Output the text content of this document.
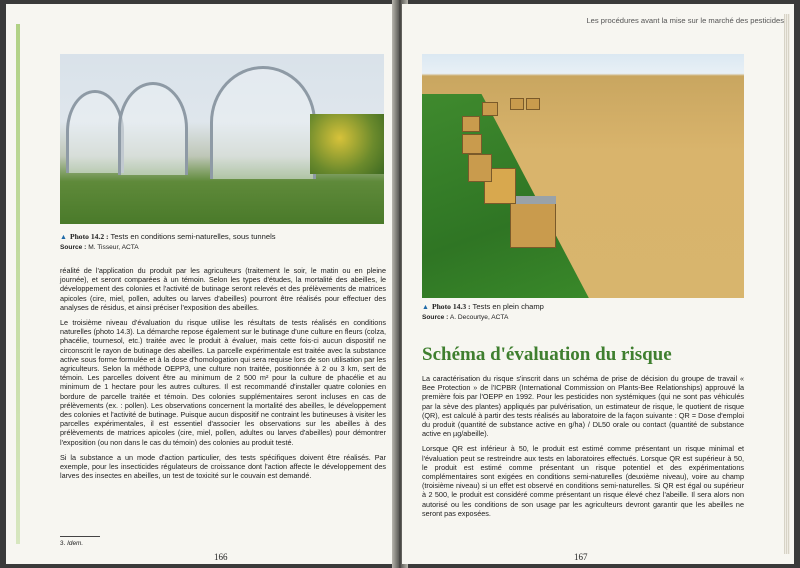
▲ Photo 14.2 : Tests en conditions semi-naturelles, sous tunnels
Source : M. Tisseur, ACTA

réalité de l'application du produit par les agriculteurs (traitement le soir, le matin ou en pleine journée), et seront comparées à un témoin. Selon les types d'études, la mortalité des abeilles, le développement des colonies et l'activité de butinage seront relevés et des prélèvements de matrices apicoles (cire, miel, pollen, adultes ou larves d'abeilles) pourront être réalisés pour effectuer des analyses de résidus, et ainsi préciser l'exposition des abeilles.

Le troisième niveau d'évaluation du risque utilise les résultats de tests réalisés en conditions naturelles (photo 14.3). La démarche repose également sur le butinage d'une culture en fleurs (colza, phacélie, tournesol, etc.) traitée avec le produit à évaluer, mais cette fois-ci aucun dispositif ne circonscrit le rayon de butinage des abeilles. La parcelle expérimentale est traitée avec la substance active sous forme formulée et à la dose d'homologation qui sera requise lors de son utilisation par les agriculteurs. Selon la méthode OEPP3, une culture non traitée, positionnée à 2 ou 3 km, sert de témoin. Les parcelles doivent être au minimum de 2 500 m² pour la culture de phacélie et au minimum de 1 hectare pour les autres cultures. Il est recommandé d'installer quatre colonies en bordure de parcelle traitée et témoin. Des colonies supplémentaires seront incluses en cas de prélèvements (ex. : pollen). Les observations concernent la mortalité des abeilles, le développement des colonies et l'activité de butinage. Puisque aucun dispositif ne contraint les butineuses à visiter les parcelles expérimentales, il est essentiel d'associer les observations sur les abeilles à des prélèvements de matrices apicoles (cire, miel, pollen, adultes ou larves d'abeilles) pour démontrer l'exposition (ou non dans le cas du témoin) des colonies au produit testé.

Si la substance a un mode d'action particulier, des tests spécifiques doivent être réalisés. Par exemple, pour les insecticides régulateurs de croissance dont l'action affecte le développement des larves des insectes en abeilles, un test de toxicité sur le couvain est demandé.

3. Idem.
166
Les procédures avant la mise sur le marché des pesticides
▲ Photo 14.3 : Tests en plein champ
Source : A. Decourtye, ACTA
Schéma d'évaluation du risque

La caractérisation du risque s'inscrit dans un schéma de prise de décision du groupe de travail « Bee Protection » de l'ICPBR (International Commission on Plants-Bee Relationships) approuvé la première fois par l'OEPP en 1992. Pour les pesticides non systémiques (qui ne sont pas véhiculés par la sève des plantes) appliqués par pulvérisation, un estimateur de risque, le quotient de risque (QR), est calculé à partir des tests réalisés au laboratoire de la façon suivante : QR = Dose d'emploi du produit (quantité de substance active en g/ha) / DL50 orale ou contact (quantité de substance active en µg/abeille).

Lorsque QR est inférieur à 50, le produit est estimé comme présentant un risque minimal et l'évaluation peut se restreindre aux tests en laboratoires effectués. Lorsque QR est supérieur à 50, le produit est estimé comme présentant un risque potentiel et des expérimentations complémentaires sont exigées en conditions semi-naturelles (deuxième niveau), voire au champ (troisième niveau) si un effet est observé en conditions semi-naturelles. Si QR est égal ou supérieur à 2 500, le produit est considéré comme présentant un risque élevé chez l'abeille. Il sera alors non autorisé ou les conditions de son usage par les agriculteurs devront garantir que les abeilles ne seront pas exposées.

167
